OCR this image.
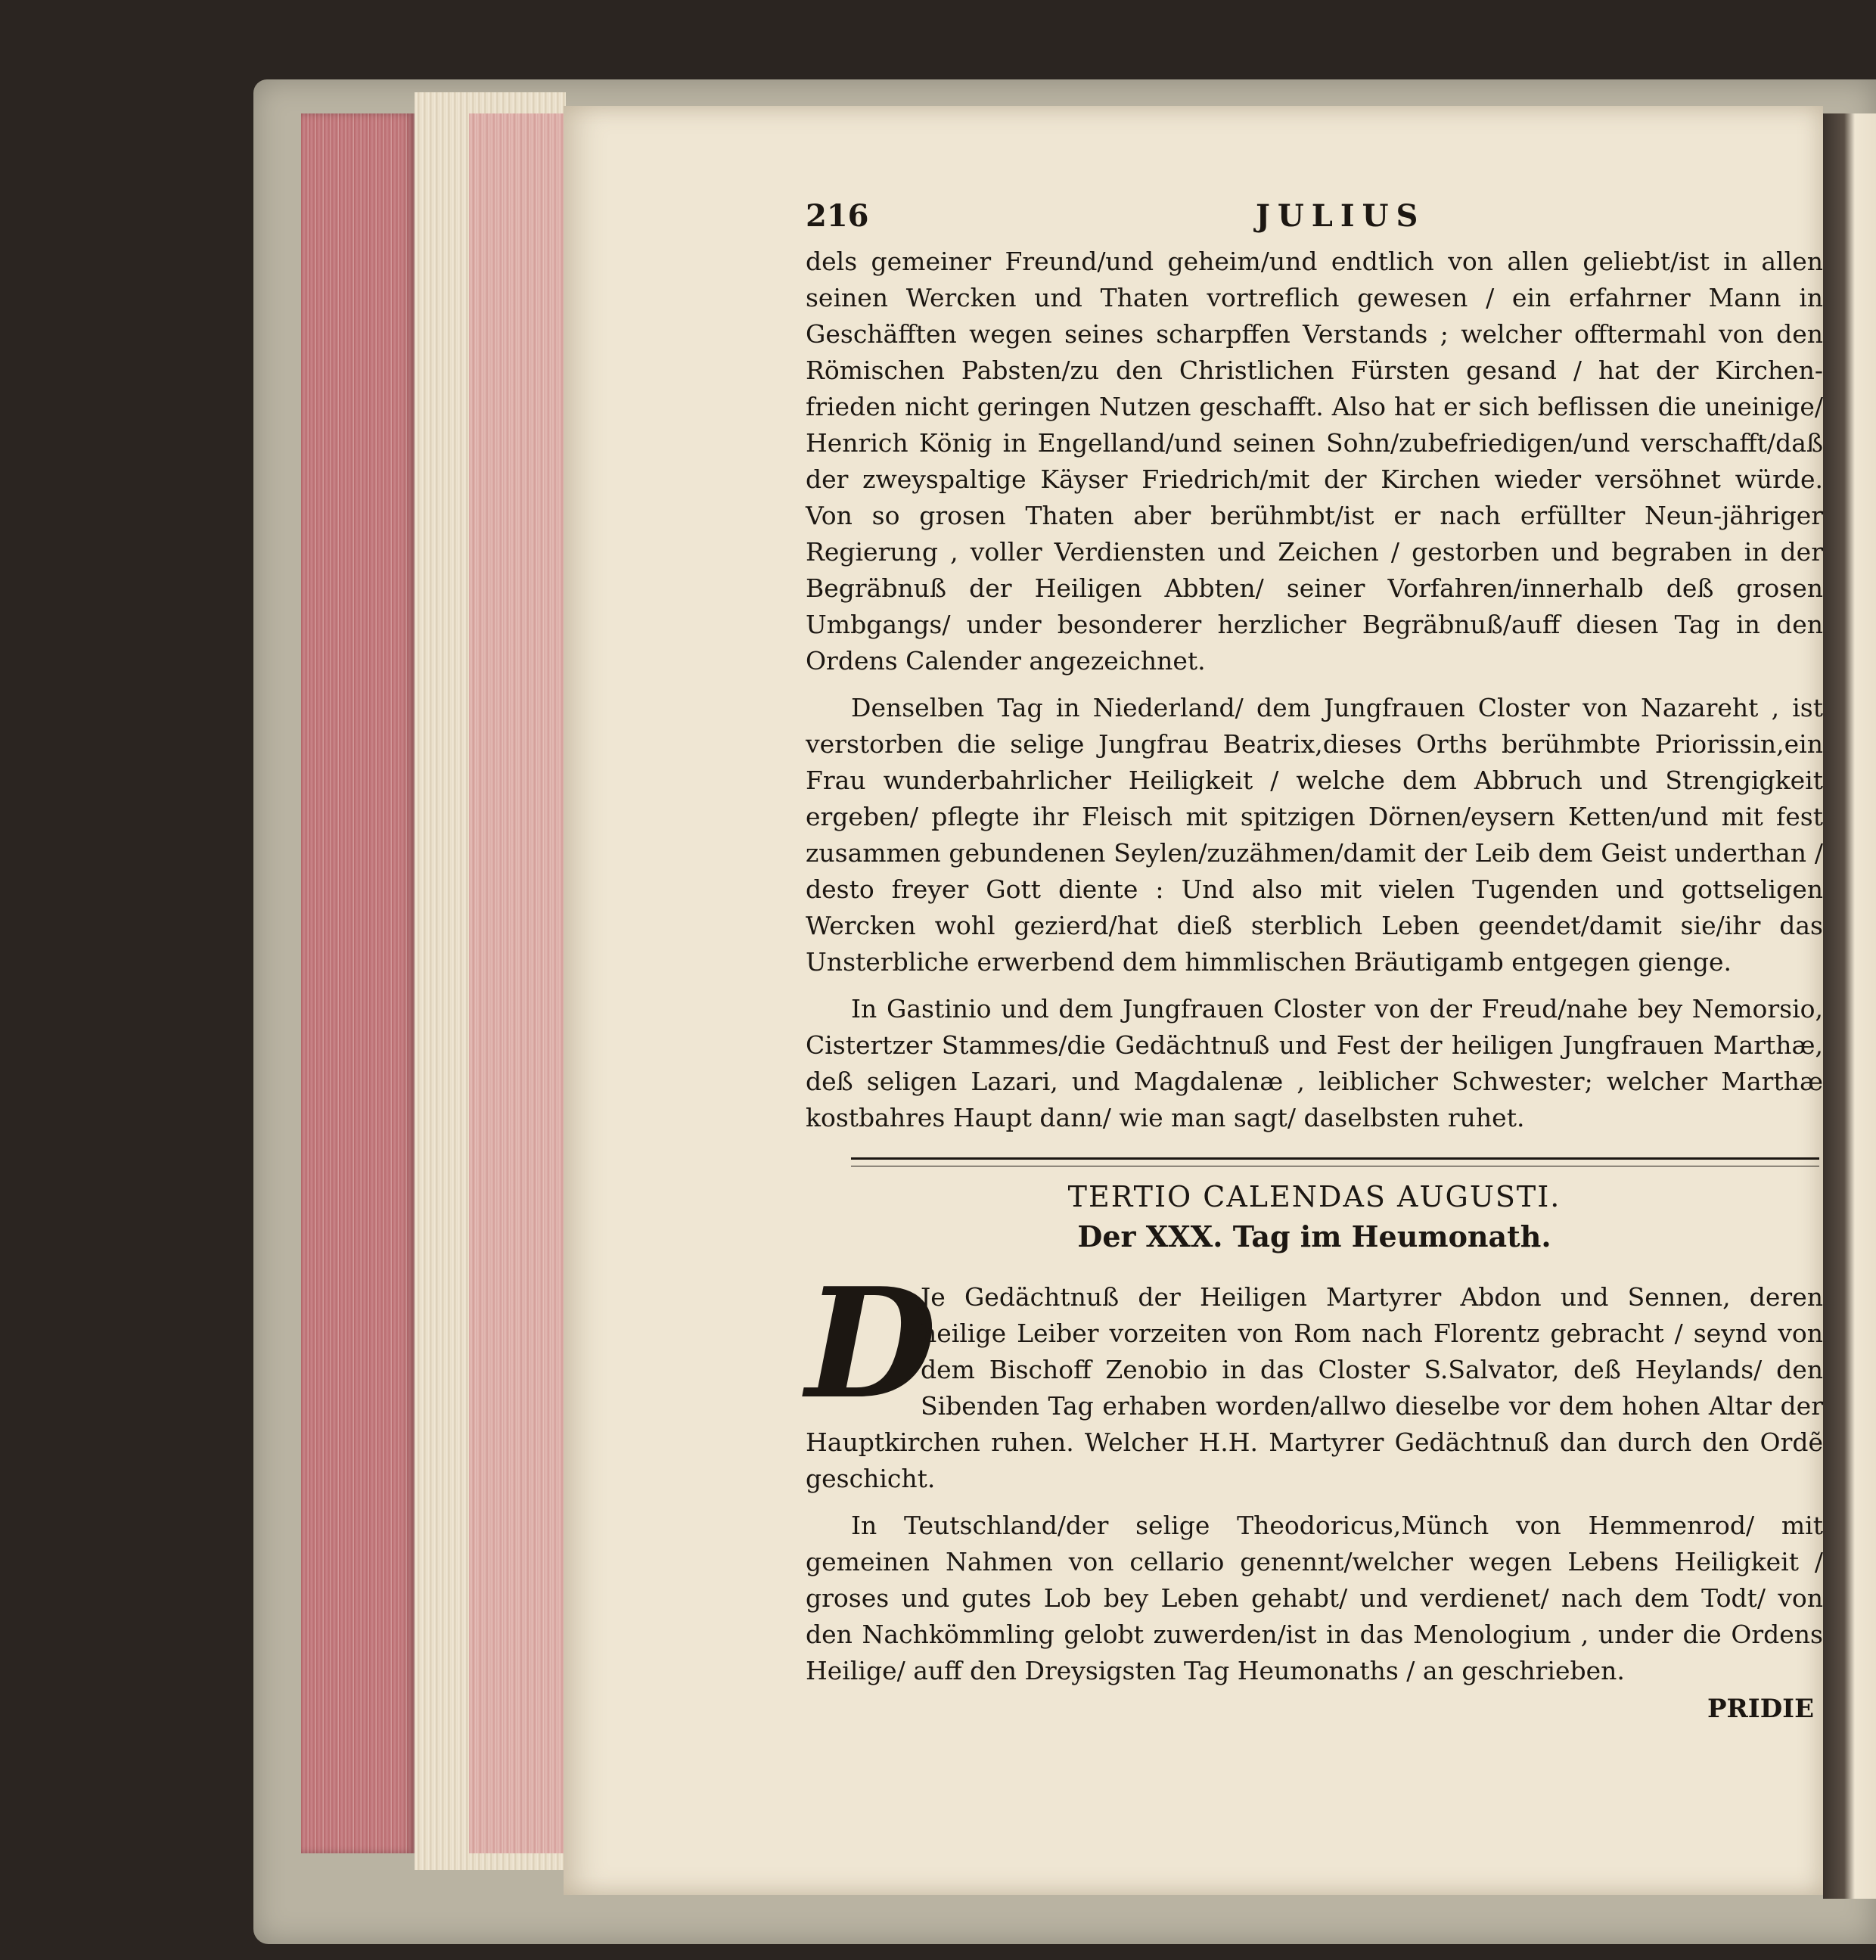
216	JULIUS

dels gemeiner Freund/und geheim/und endtlich von allen geliebt/ist in allen seinen Wercken und Thaten vortreflich gewesen / ein erfahrner Mann in Geschäfften wegen seines scharpffen Verstands ; welcher offtermahl von den Römischen Pabsten/zu den Christlichen Fürsten gesand / hat der Kirchen-frieden nicht geringen Nutzen geschafft. Also hat er sich beflissen die uneinige/ Henrich König in Engelland/und seinen Sohn/zubefriedigen/und verschafft/daß der zweyspaltige Käyser Friedrich/mit der Kirchen wieder versöhnet würde. Von so grosen Thaten aber berühmbt/ist er nach erfüllter Neun-jähriger Regierung , voller Verdiensten und Zeichen / gestorben und begraben in der Begräbnuß der Heiligen Abbten/ seiner Vorfahren/innerhalb deß grosen Umbgangs/ under besonderer herzlicher Begräbnuß/auff diesen Tag in den Ordens Calender angezeichnet.

Denselben Tag in Niederland/ dem Jungfrauen Closter von Nazareht , ist verstorben die selige Jungfrau Beatrix,dieses Orths berühmbte Priorissin,ein Frau wunderbahrlicher Heiligkeit / welche dem Abbruch und Strengigkeit ergeben/ pflegte ihr Fleisch mit spitzigen Dörnen/eysern Ketten/und mit fest zusammen gebundenen Seylen/zuzähmen/damit der Leib dem Geist underthan / desto freyer Gott diente : Und also mit vielen Tugenden und gottseligen Wercken wohl gezierd/hat dieß sterblich Leben geendet/damit sie/ihr das Unsterbliche erwerbend dem himmlischen Bräutigamb entgegen gienge.

In Gastinio und dem Jungfrauen Closter von der Freud/nahe bey Nemorsio, Cistertzer Stammes/die Gedächtnuß und Fest der heiligen Jungfrauen Marthæ, deß seligen Lazari, und Magdalenæ , leiblicher Schwester; welcher Marthæ kostbahres Haupt dann/ wie man sagt/ daselbsten ruhet.

TERTIO CALENDAS AUGUSTI.
Der XXX. Tag im Heumonath.
D

Je Gedächtnuß der Heiligen Martyrer Abdon und Sennen, deren heilige Leiber vorzeiten von Rom nach Florentz gebracht / seynd von dem Bischoff Zenobio in das Closter S.Salvator, deß Heylands/ den Sibenden Tag erhaben worden/allwo dieselbe vor dem hohen Altar der Hauptkirchen ruhen. Welcher H.H. Martyrer Gedächtnuß dan durch den Ordẽ geschicht.

In Teutschland/der selige Theodoricus,Münch von Hemmenrod/ mit gemeinen Nahmen von cellario genennt/welcher wegen Lebens Heiligkeit / groses und gutes Lob bey Leben gehabt/ und verdienet/ nach dem Todt/ von den Nachkömmling gelobt zuwerden/ist in das Menologium , under die Ordens Heilige/ auff den Dreysigsten Tag Heumonaths / an geschrieben.

PRIDIE
